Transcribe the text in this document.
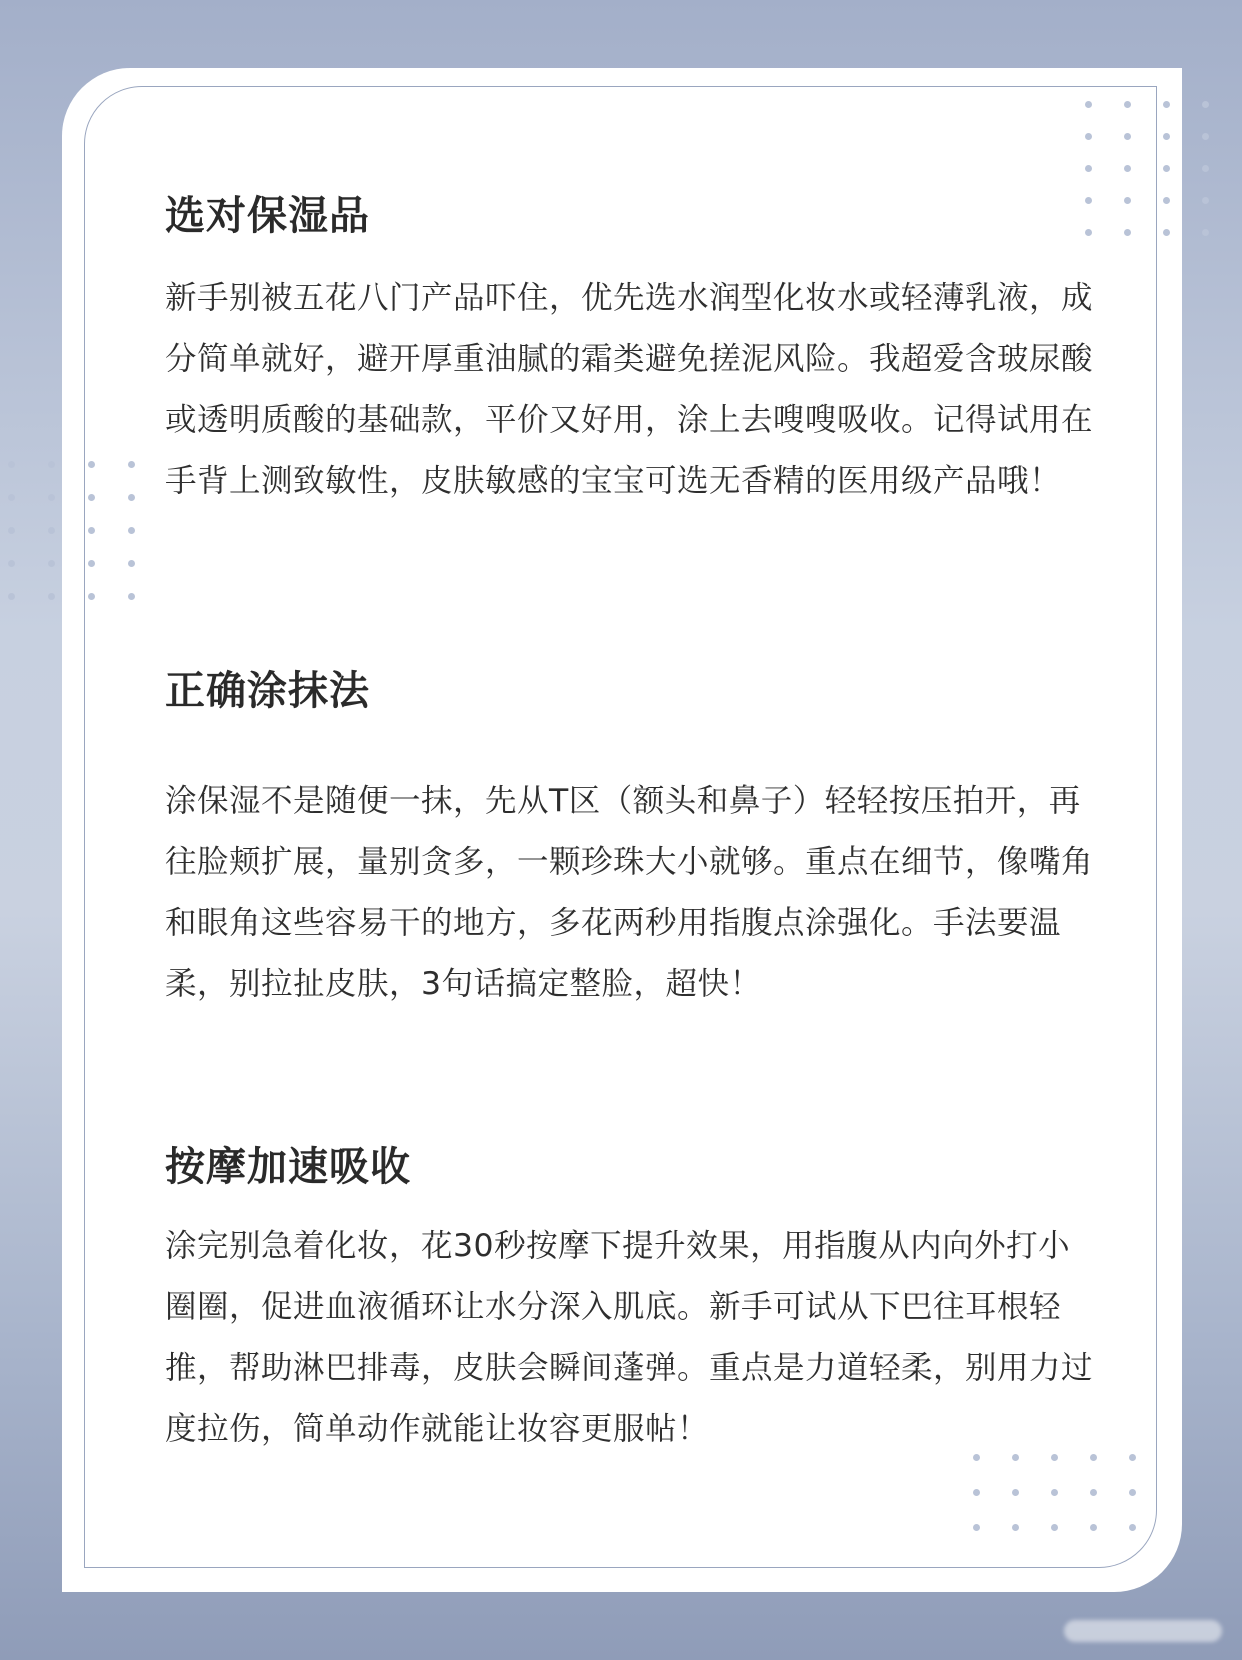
选对保湿品

新手别被五花八门产品吓住，优先选水润型化妆水或轻薄乳液，成分简单就好，避开厚重油腻的霜类避免搓泥风险。我超爱含玻尿酸或透明质酸的基础款，平价又好用，涂上去嗖嗖吸收。记得试用在手背上测致敏性，皮肤敏感的宝宝可选无香精的医用级产品哦！

正确涂抹法

涂保湿不是随便一抹，先从T区（额头和鼻子）轻轻按压拍开，再往脸颊扩展，量别贪多，一颗珍珠大小就够。重点在细节，像嘴角和眼角这些容易干的地方，多花两秒用指腹点涂强化。手法要温柔，别拉扯皮肤，3句话搞定整脸，超快！

按摩加速吸收

涂完别急着化妆，花30秒按摩下提升效果，用指腹从内向外打小圈圈，促进血液循环让水分深入肌底。新手可试从下巴往耳根轻推，帮助淋巴排毒，皮肤会瞬间蓬弹。重点是力道轻柔，别用力过度拉伤，简单动作就能让妆容更服帖！
